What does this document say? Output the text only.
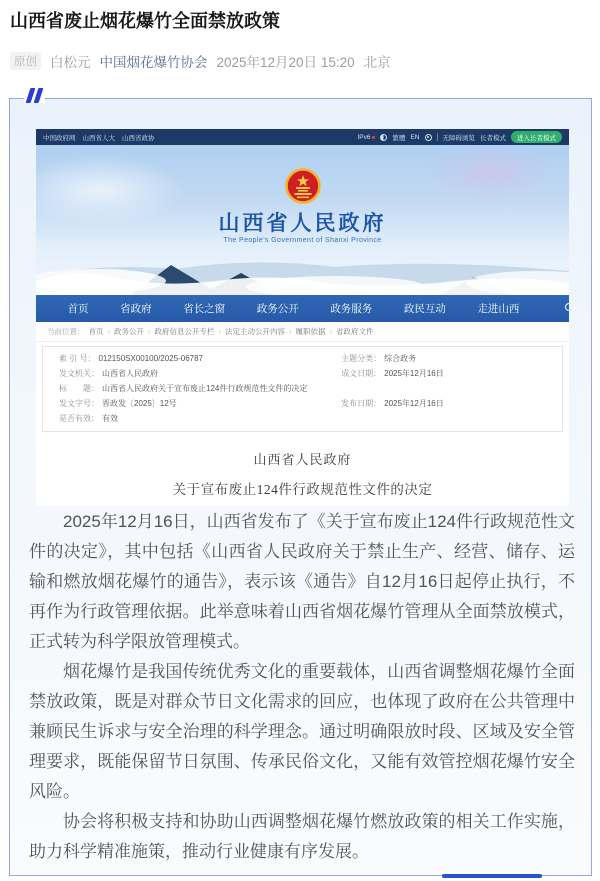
山西省废止烟花爆竹全面禁放政策
原创 白松元 中国烟花爆竹协会 2025年12月20日 15:20 北京
中国政府网 山西省人大 山西省政协	IPv6	繁體 EN	无障碍浏览 长者模式	进入长者模式
山西省人民政府
The People's Government of Shanxi Province
首页	省政府	省长之窗	政务公开	政务服务	政民互动	走进山西
当前位置： 首页 › 政务公开 › 政府信息公开专栏 › 法定主动公开内容 › 履职依据 › 省政府文件
索 引 号： 012150SX00100/2025-06787	主题分类： 综合政务
发文机关： 山西省人民政府	成文日期： 2025年12月16日
标　　题： 山西省人民政府关于宣布废止124件行政规范性文件的决定
发文字号： 晋政发〔2025〕12号	发布日期： 2025年12月16日
是否有效： 有效
山西省人民政府
关于宣布废止124件行政规范性文件的决定

2025年12月16日，山西省发布了《关于宣布废止124件行政规范性文件的决定》，其中包括《山西省人民政府关于禁止生产、经营、储存、运输和燃放烟花爆竹的通告》，表示该《通告》自12月16日起停止执行，不再作为行政管理依据。此举意味着山西省烟花爆竹管理从全面禁放模式，正式转为科学限放管理模式。

烟花爆竹是我国传统优秀文化的重要载体，山西省调整烟花爆竹全面禁放政策，既是对群众节日文化需求的回应，也体现了政府在公共管理中兼顾民生诉求与安全治理的科学理念。通过明确限放时段、区域及安全管理要求，既能保留节日氛围、传承民俗文化，又能有效管控烟花爆竹安全风险。

协会将积极支持和协助山西调整烟花爆竹燃放政策的相关工作实施，助力科学精准施策，推动行业健康有序发展。
